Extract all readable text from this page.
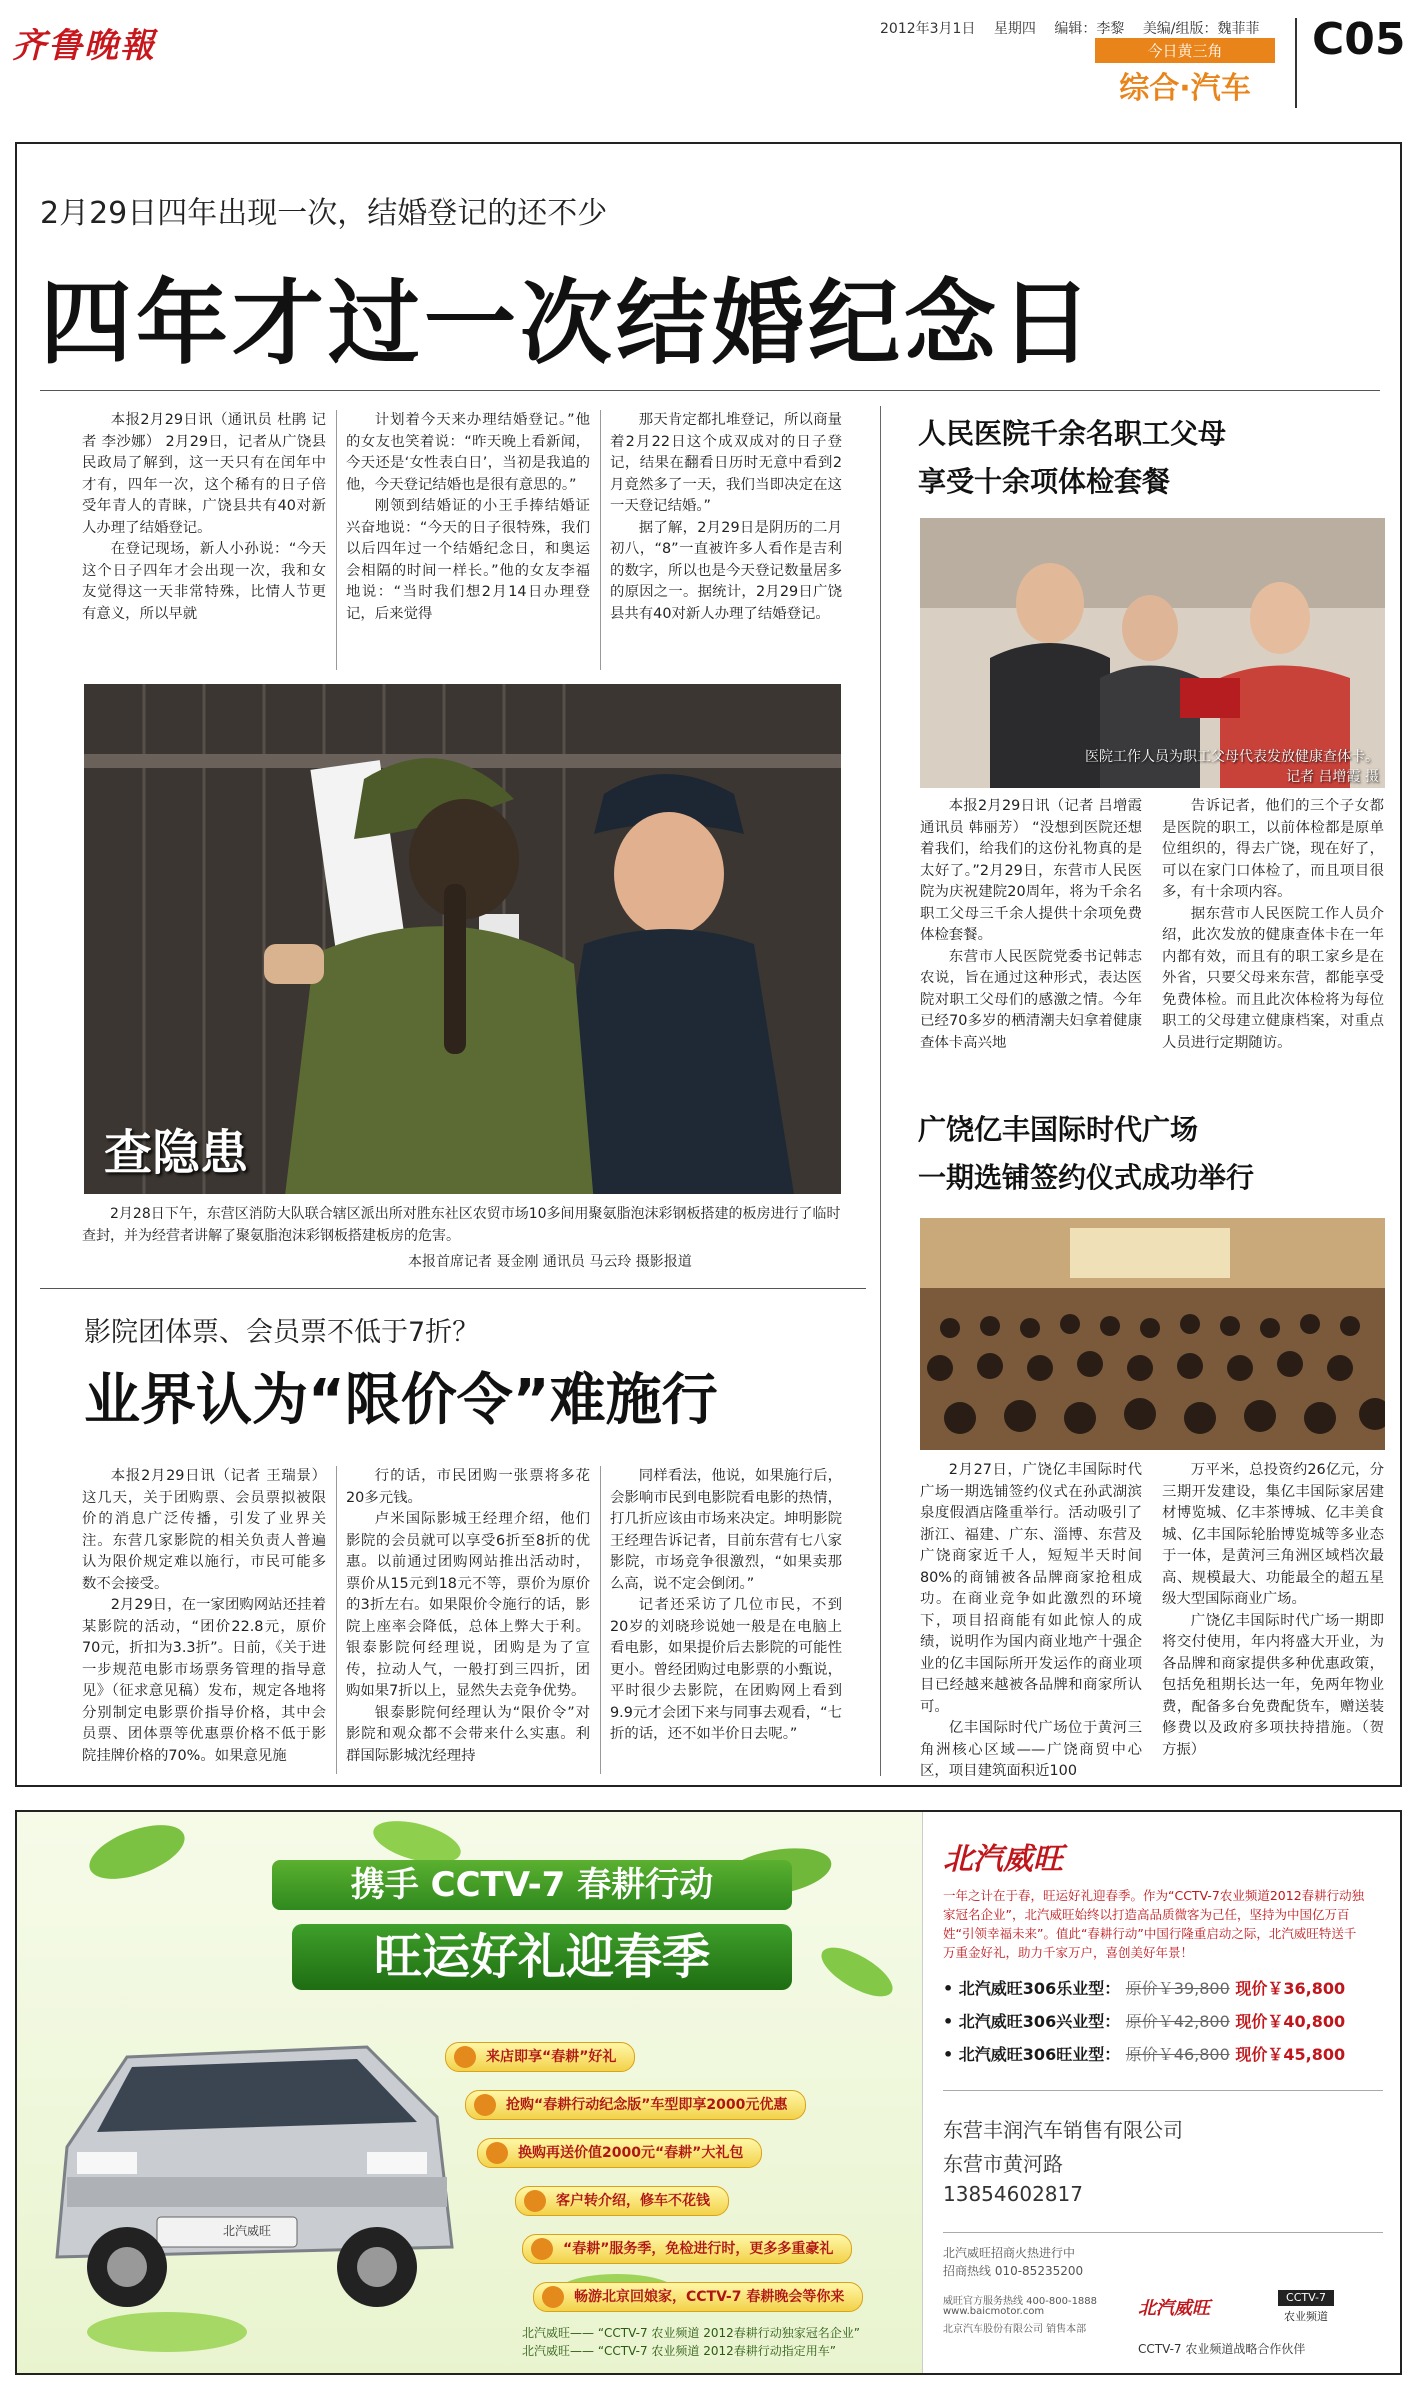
齐鲁晚報	2012年3月1日 星期四 编辑：李黎 美编/组版：魏菲菲
今日黄三角
综合·汽车
C05
2月29日四年出现一次，结婚登记的还不少
四年才过一次结婚纪念日

本报2月29日讯（通讯员 杜鹃 记者 李沙娜） 2月29日，记者从广饶县民政局了解到，这一天只有在闰年中才有，四年一次，这个稀有的日子倍受年青人的青睐，广饶县共有40对新人办理了结婚登记。

在登记现场，新人小孙说：“今天这个日子四年才会出现一次，我和女友觉得这一天非常特殊，比情人节更有意义，所以早就

计划着今天来办理结婚登记。”他的女友也笑着说：“昨天晚上看新闻，今天还是‘女性表白日’，当初是我追的他，今天登记结婚也是很有意思的。”

刚领到结婚证的小王手捧结婚证兴奋地说：“今天的日子很特殊，我们以后四年过一个结婚纪念日，和奥运会相隔的时间一样长。”他的女友李福地说：“当时我们想2月14日办理登记，后来觉得

那天肯定都扎堆登记，所以商量着2月22日这个成双成对的日子登记，结果在翻看日历时无意中看到2月竟然多了一天，我们当即决定在这一天登记结婚。”

据了解，2月29日是阴历的二月初八，“8”一直被许多人看作是吉利的数字，所以也是今天登记数量居多的原因之一。据统计，2月29日广饶县共有40对新人办理了结婚登记。

查隐患
2月28日下午，东营区消防大队联合辖区派出所对胜东社区农贸市场10多间用聚氨脂泡沫彩钢板搭建的板房进行了临时查封，并为经营者讲解了聚氨脂泡沫彩钢板搭建板房的危害。
本报首席记者 聂金刚 通讯员 马云玲 摄影报道
人民医院千余名职工父母
享受十余项体检套餐
医院工作人员为职工父母代表发放健康查体卡。
记者 吕增霞 摄

本报2月29日讯（记者 吕增霞 通讯员 韩丽芳） “没想到医院还想着我们，给我们的这份礼物真的是太好了。”2月29日，东营市人民医院为庆祝建院20周年，将为千余名职工父母三千余人提供十余项免费体检套餐。

东营市人民医院党委书记韩志农说，旨在通过这种形式，表达医院对职工父母们的感激之情。今年已经70多岁的栖清潮夫妇拿着健康查体卡高兴地

告诉记者，他们的三个子女都是医院的职工，以前体检都是原单位组织的，得去广饶，现在好了，可以在家门口体检了，而且项目很多，有十余项内容。

据东营市人民医院工作人员介绍，此次发放的健康查体卡在一年内都有效，而且有的职工家乡是在外省，只要父母来东营，都能享受免费体检。而且此次体检将为每位职工的父母建立健康档案，对重点人员进行定期随访。

广饶亿丰国际时代广场
一期选铺签约仪式成功举行

2月27日，广饶亿丰国际时代广场一期选铺签约仪式在孙武湖滨泉度假酒店隆重举行。活动吸引了浙江、福建、广东、淄博、东营及广饶商家近千人，短短半天时间80%的商铺被各品牌商家抢租成功。在商业竞争如此激烈的环境下，项目招商能有如此惊人的成绩，说明作为国内商业地产十强企业的亿丰国际所开发运作的商业项目已经越来越被各品牌和商家所认可。

亿丰国际时代广场位于黄河三角洲核心区域——广饶商贸中心区，项目建筑面积近100

万平米，总投资约26亿元，分三期开发建设，集亿丰国际家居建材博览城、亿丰茶博城、亿丰美食城、亿丰国际轮胎博览城等多业态于一体，是黄河三角洲区域档次最高、规模最大、功能最全的超五星级大型国际商业广场。

广饶亿丰国际时代广场一期即将交付使用，年内将盛大开业，为各品牌和商家提供多种优惠政策，包括免租期长达一年，免两年物业费，配备多台免费配货车，赠送装修费以及政府多项扶持措施。（贺方振）

影院团体票、会员票不低于7折？
业界认为“限价令”难施行

本报2月29日讯（记者 王瑞景） 这几天，关于团购票、会员票拟被限价的消息广泛传播，引发了业界关注。东营几家影院的相关负责人普遍认为限价规定难以施行，市民可能多数不会接受。

2月29日，在一家团购网站还挂着某影院的活动，“团价22.8元，原价70元，折扣为3.3折”。日前，《关于进一步规范电影市场票务管理的指导意见》（征求意见稿）发布，规定各地将分别制定电影票价指导价格，其中会员票、团体票等优惠票价格不低于影院挂牌价格的70%。如果意见施

行的话，市民团购一张票将多花20多元钱。

卢米国际影城王经理介绍，他们影院的会员就可以享受6折至8折的优惠。以前通过团购网站推出活动时，票价从15元到18元不等，票价为原价的3折左右。如果限价令施行的话，影院上座率会降低，总体上弊大于利。银泰影院何经理说，团购是为了宣传，拉动人气，一般打到三四折，团购如果7折以上，显然失去竞争优势。

银泰影院何经理认为“限价令”对影院和观众都不会带来什么实惠。利群国际影城沈经理持

同样看法，他说，如果施行后，会影响市民到电影院看电影的热情，打几折应该由市场来决定。坤明影院王经理告诉记者，目前东营有七八家影院，市场竞争很激烈，“如果卖那么高，说不定会倒闭。”

记者还采访了几位市民，不到20岁的刘晓珍说她一般是在电脑上看电影，如果提价后去影院的可能性更小。曾经团购过电影票的小甄说，平时很少去影院，在团购网上看到9.9元才会团下来与同事去观看，“七折的话，还不如半价日去呢。”

携手 CCTV-7 春耕行动
旺运好礼迎春季
来店即享“春耕”好礼
抢购“春耕行动纪念版”车型即享2000元优惠
换购再送价值2000元“春耕”大礼包
客户转介绍，修车不花钱
“春耕”服务季，免检进行时，更多多重豪礼
畅游北京回娘家，CCTV-7 春耕晚会等你来
北汽威旺
北汽威旺—— “CCTV-7 农业频道 2012春耕行动独家冠名企业”
北汽威旺—— “CCTV-7 农业频道 2012春耕行动指定用车”
北汽威旺
一年之计在于春，旺运好礼迎春季。作为“CCTV-7农业频道2012春耕行动独家冠名企业”，北汽威旺始终以打造高品质微客为己任，坚持为中国亿万百姓“引领幸福未来”。值此“春耕行动”中国行隆重启动之际，北汽威旺特送千万重金好礼，助力千家万户，喜创美好年景！
• 北汽威旺306乐业型： 原价￥39,800 现价￥36,800
• 北汽威旺306兴业型： 原价￥42,800 现价￥40,800
• 北汽威旺306旺业型： 原价￥46,800 现价￥45,800
东营丰润汽车销售有限公司
东营市黄河路
13854602817
北汽威旺招商火热进行中
招商热线 010-85235200
威旺官方服务热线 400-800-1888
www.baicmotor.com
北京汽车股份有限公司 销售本部
北汽威旺
CCTV-7
农业频道
CCTV-7 农业频道战略合作伙伴
